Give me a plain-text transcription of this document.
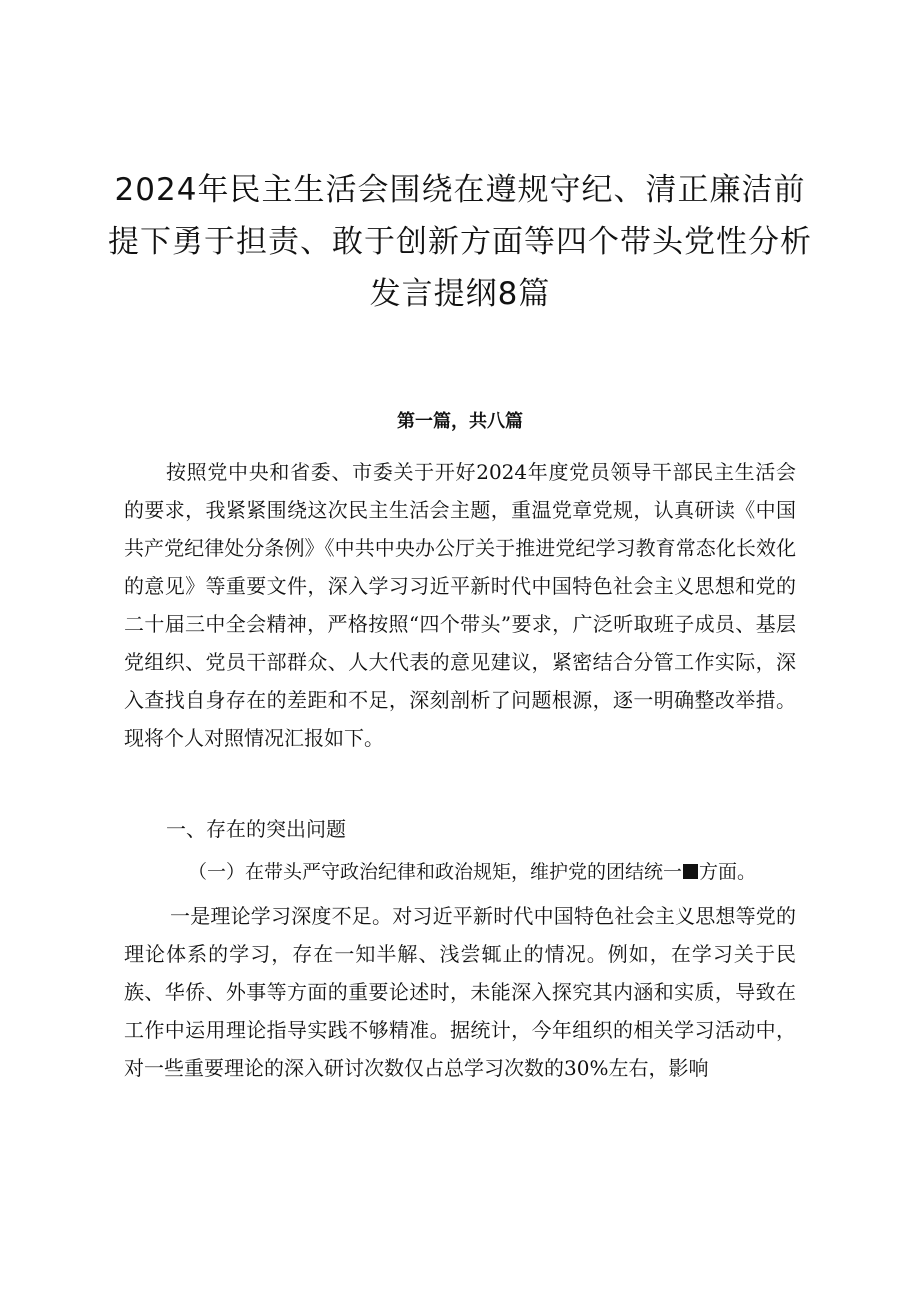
2024年民主生活会围绕在遵规守纪、清正廉洁前提下勇于担责、敢于创新方面等四个带头党性分析发言提纲8篇
第一篇，共八篇

按照党中央和省委、市委关于开好2024年度党员领导干部民主生活会的要求，我紧紧围绕这次民主生活会主题，重温党章党规，认真研读《中国共产党纪律处分条例》《中共中央办公厅关于推进党纪学习教育常态化长效化的意见》等重要文件，深入学习习近平新时代中国特色社会主义思想和党的二十届三中全会精神，严格按照“四个带头”要求，广泛听取班子成员、基层党组织、党员干部群众、人大代表的意见建议，紧密结合分管工作实际，深入查找自身存在的差距和不足，深刻剖析了问题根源，逐一明确整改举措。现将个人对照情况汇报如下。

一、存在的突出问题

（一）在带头严守政治纪律和政治规矩，维护党的团结统一 方面。

一是理论学习深度不足。对习近平新时代中国特色社会主义思想等党的理论体系的学习，存在一知半解、浅尝辄止的情况。例如，在学习关于民族、华侨、外事等方面的重要论述时，未能深入探究其内涵和实质，导致在工作中运用理论指导实践不够精准。据统计，今年组织的相关学习活动中，对一些重要理论的深入研讨次数仅占总学习次数的30%左右，影响
